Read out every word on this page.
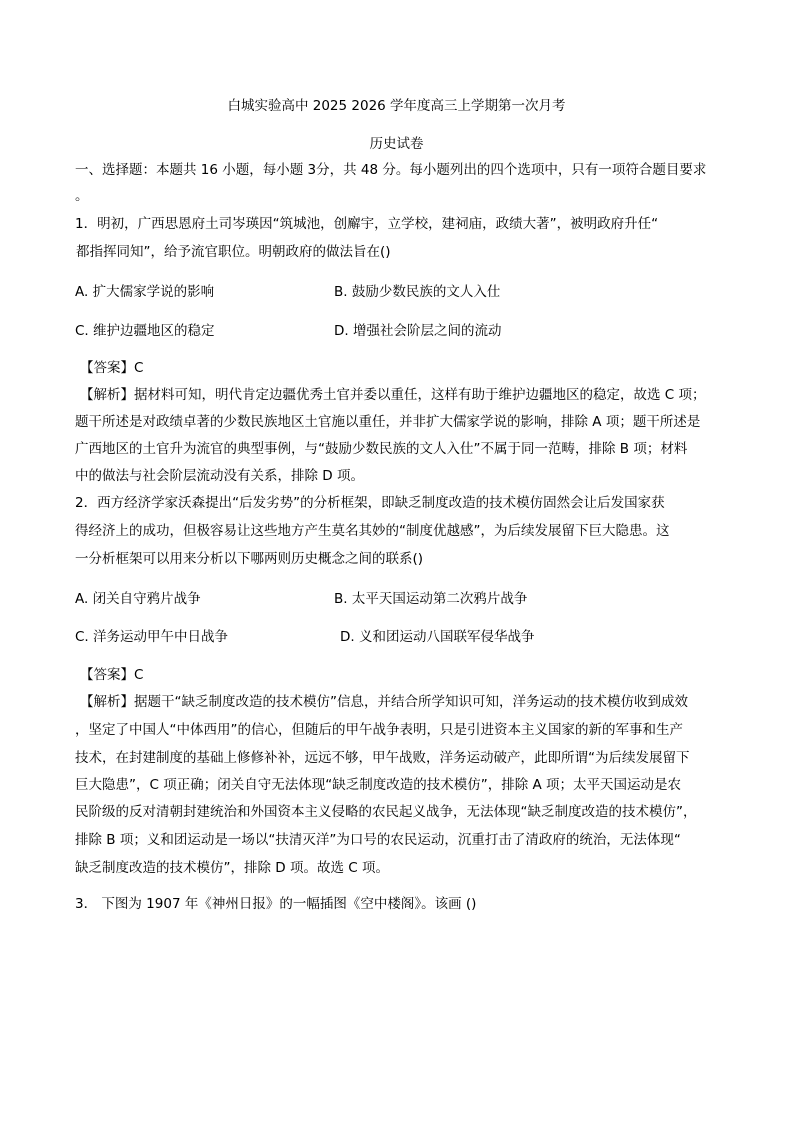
白城实验高中 2025 2026 学年度高三上学期第一次月考
历史试卷
一、选择题：本题共 16 小题，每小题 3分，共 48 分。每小题列出的四个选项中，只有一项符合题目要求
。
1．明初，广西思恩府土司岑瑛因“筑城池，创廨宇，立学校，建祠庙，政绩大著”，被明政府升任“
都指挥同知”，给予流官职位。明朝政府的做法旨在()
A. 扩大儒家学说的影响	B. 鼓励少数民族的文人入仕
C. 维护边疆地区的稳定	D. 增强社会阶层之间的流动
【答案】C
【解析】据材料可知，明代肯定边疆优秀土官并委以重任，这样有助于维护边疆地区的稳定，故选 C 项；
题干所述是对政绩卓著的少数民族地区土官施以重任，并非扩大儒家学说的影响，排除 A 项；题干所述是
广西地区的土官升为流官的典型事例，与“鼓励少数民族的文人入仕”不属于同一范畴，排除 B 项；材料
中的做法与社会阶层流动没有关系，排除 D 项。
2．西方经济学家沃森提出“后发劣势”的分析框架，即缺乏制度改造的技术模仿固然会让后发国家获
得经济上的成功，但极容易让这些地方产生莫名其妙的“制度优越感”，为后续发展留下巨大隐患。这
一分析框架可以用来分析以下哪两则历史概念之间的联系()
A. 闭关自守鸦片战争	B. 太平天国运动第二次鸦片战争
C. 洋务运动甲午中日战争	D. 义和团运动八国联军侵华战争
【答案】C
【解析】据题干“缺乏制度改造的技术模仿”信息，并结合所学知识可知，洋务运动的技术模仿收到成效
，坚定了中国人“中体西用”的信心，但随后的甲午战争表明，只是引进资本主义国家的新的军事和生产
技术，在封建制度的基础上修修补补，远远不够，甲午战败，洋务运动破产，此即所谓“为后续发展留下
巨大隐患”，C 项正确；闭关自守无法体现“缺乏制度改造的技术模仿”，排除 A 项；太平天国运动是农
民阶级的反对清朝封建统治和外国资本主义侵略的农民起义战争，无法体现“缺乏制度改造的技术模仿”，
排除 B 项；义和团运动是一场以“扶清灭洋”为口号的农民运动，沉重打击了清政府的统治，无法体现“
缺乏制度改造的技术模仿”，排除 D 项。故选 C 项。
3． 下图为 1907 年《神州日报》的一幅插图《空中楼阁》。该画 ()
